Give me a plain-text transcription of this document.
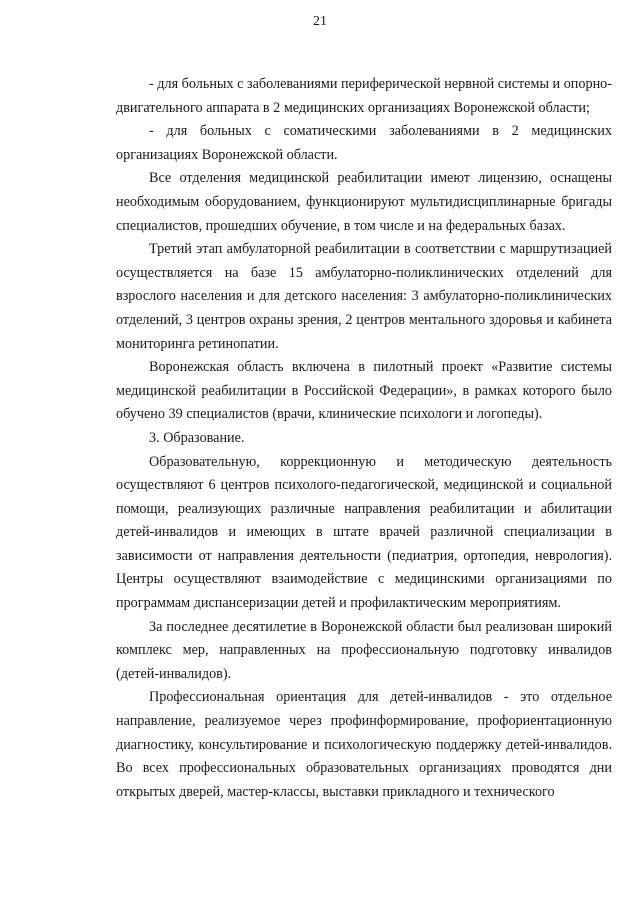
21

- для больных с заболеваниями периферической нервной системы и опорно-двигательного аппарата в 2 медицинских организациях Воронежской области;

- для больных с соматическими заболеваниями в 2 медицинских организациях Воронежской области.

Все отделения медицинской реабилитации имеют лицензию, оснащены необходимым оборудованием, функционируют мультидисциплинарные бригады специалистов, прошедших обучение, в том числе и на федеральных базах.

Третий этап амбулаторной реабилитации в соответствии с маршрутизацией осуществляется на базе 15 амбулаторно-поликлинических отделений для взрослого населения и для детского населения: 3 амбулаторно-поликлинических отделений, 3 центров охраны зрения, 2 центров ментального здоровья и кабинета мониторинга ретинопатии.

Воронежская область включена в пилотный проект «Развитие системы медицинской реабилитации в Российской Федерации», в рамках которого было обучено 39 специалистов (врачи, клинические психологи и логопеды).

3. Образование.

Образовательную, коррекционную и методическую деятельность осуществляют 6 центров психолого-педагогической, медицинской и социальной помощи, реализующих различные направления реабилитации и абилитации детей-инвалидов и имеющих в штате врачей различной специализации в зависимости от направления деятельности (педиатрия, ортопедия, неврология). Центры осуществляют взаимодействие с медицинскими организациями по программам диспансеризации детей и профилактическим мероприятиям.

За последнее десятилетие в Воронежской области был реализован широкий комплекс мер, направленных на профессиональную подготовку инвалидов (детей-инвалидов).

Профессиональная ориентация для детей-инвалидов - это отдельное направление, реализуемое через профинформирование, профориентационную диагностику, консультирование и психологическую поддержку детей-инвалидов. Во всех профессиональных образовательных организациях проводятся дни открытых дверей, мастер-классы, выставки прикладного и технического
